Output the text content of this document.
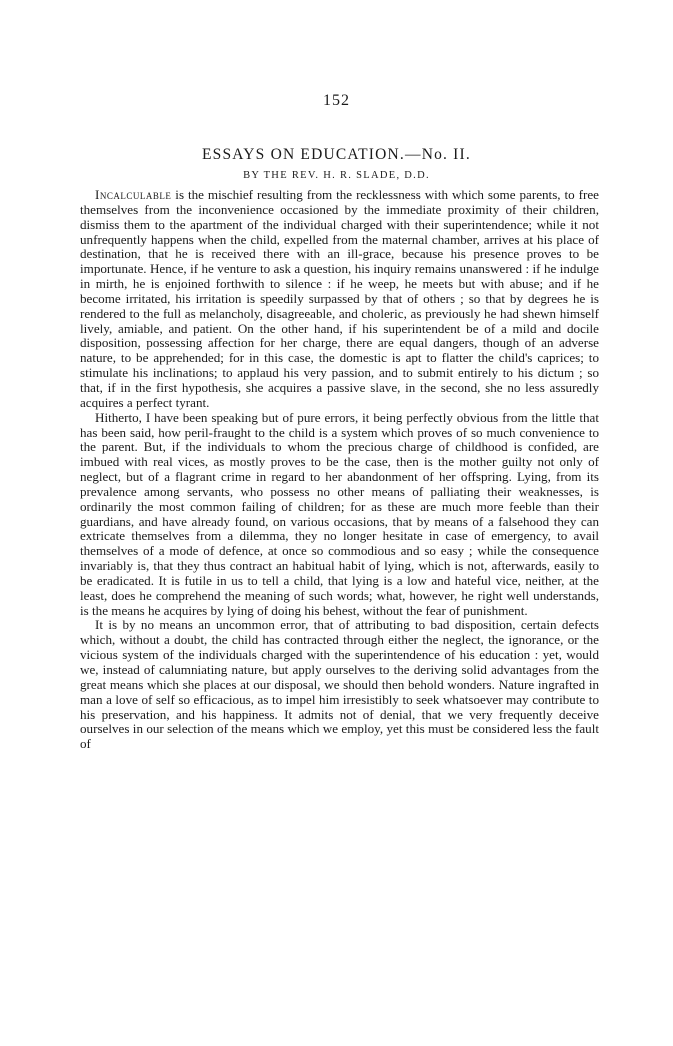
152
ESSAYS ON EDUCATION.—No. II.
BY THE REV. H. R. SLADE, D.D.

Incalculable is the mischief resulting from the recklessness with which some parents, to free themselves from the inconvenience occasioned by the immediate proximity of their children, dismiss them to the apartment of the individual charged with their superintendence; while it not unfrequently happens when the child, expelled from the maternal chamber, arrives at his place of destination, that he is received there with an ill-grace, because his presence proves to be importunate. Hence, if he venture to ask a question, his inquiry remains unanswered : if he indulge in mirth, he is enjoined forthwith to silence : if he weep, he meets but with abuse; and if he become irritated, his irritation is speedily surpassed by that of others ; so that by degrees he is rendered to the full as melancholy, disagreeable, and choleric, as previously he had shewn himself lively, amiable, and patient. On the other hand, if his superintendent be of a mild and docile disposition, possessing affection for her charge, there are equal dangers, though of an adverse nature, to be apprehended; for in this case, the domestic is apt to flatter the child's caprices; to stimulate his inclinations; to applaud his very passion, and to submit entirely to his dictum ; so that, if in the first hypothesis, she acquires a passive slave, in the second, she no less assuredly acquires a perfect tyrant.

Hitherto, I have been speaking but of pure errors, it being perfectly obvious from the little that has been said, how peril-fraught to the child is a system which proves of so much convenience to the parent. But, if the individuals to whom the precious charge of childhood is confided, are imbued with real vices, as mostly proves to be the case, then is the mother guilty not only of neglect, but of a flagrant crime in regard to her abandonment of her offspring. Lying, from its prevalence among servants, who possess no other means of palliating their weaknesses, is ordinarily the most common failing of children; for as these are much more feeble than their guardians, and have already found, on various occasions, that by means of a falsehood they can extricate themselves from a dilemma, they no longer hesitate in case of emergency, to avail themselves of a mode of defence, at once so commodious and so easy ; while the consequence invariably is, that they thus contract an habitual habit of lying, which is not, afterwards, easily to be eradicated. It is futile in us to tell a child, that lying is a low and hateful vice, neither, at the least, does he comprehend the meaning of such words; what, however, he right well understands, is the means he acquires by lying of doing his behest, without the fear of punishment.

It is by no means an uncommon error, that of attributing to bad disposition, certain defects which, without a doubt, the child has contracted through either the neglect, the ignorance, or the vicious system of the individuals charged with the superintendence of his education : yet, would we, instead of calumniating nature, but apply ourselves to the deriving solid advantages from the great means which she places at our disposal, we should then behold wonders. Nature ingrafted in man a love of self so efficacious, as to impel him irresistibly to seek whatsoever may contribute to his preservation, and his happiness. It admits not of denial, that we very frequently deceive ourselves in our selection of the means which we employ, yet this must be considered less the fault of
